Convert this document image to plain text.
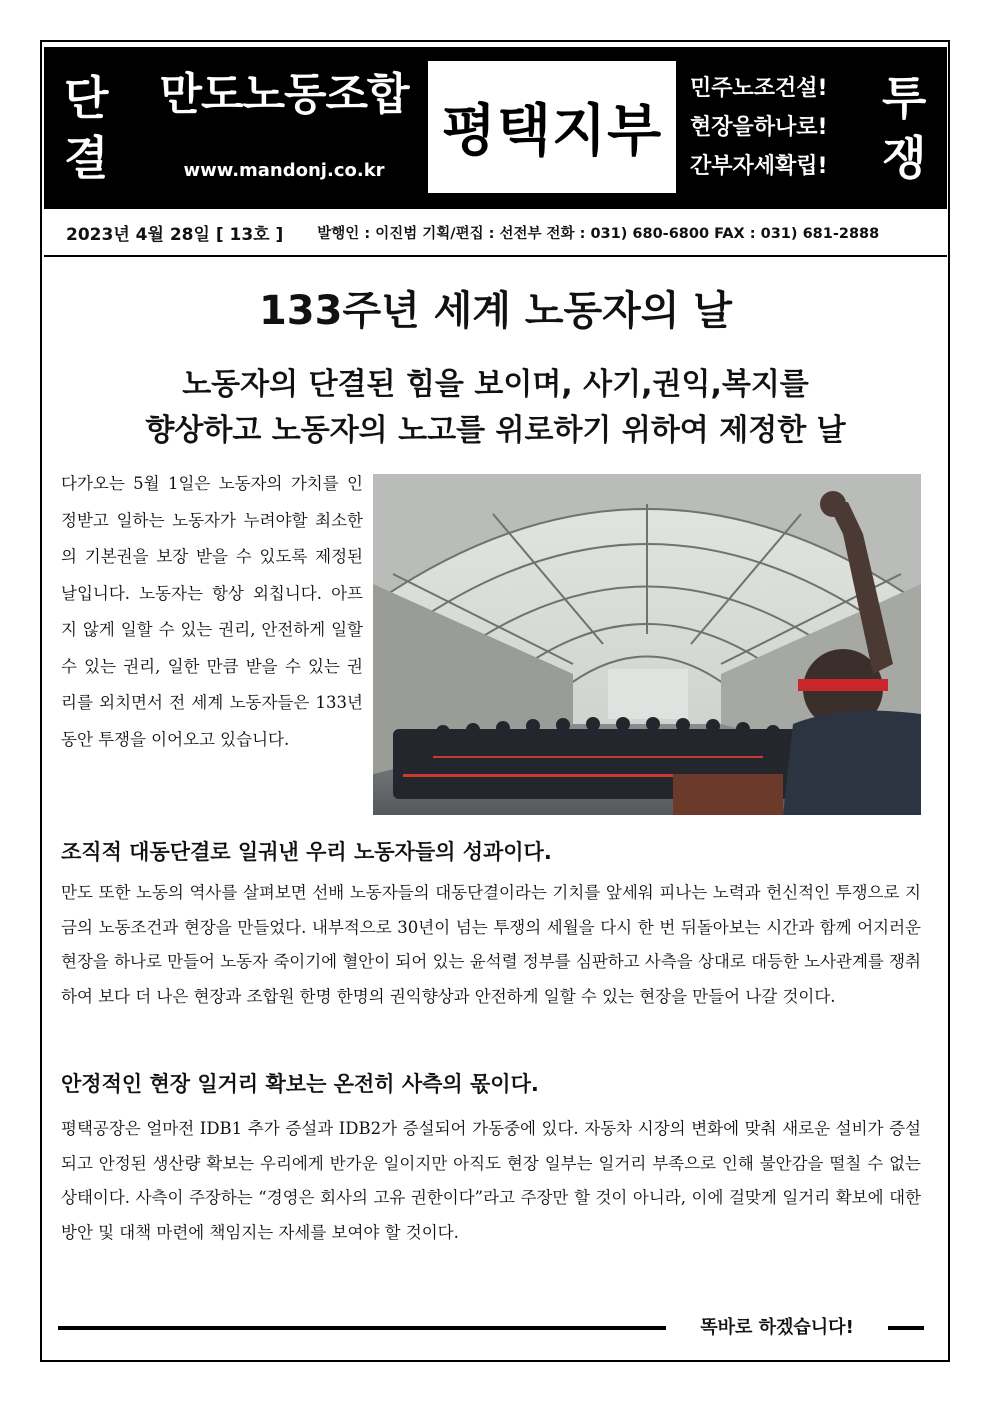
단
결
만도노동조합
www.mandonj.co.kr
평택지부
민주노조건설!
현장을하나로!
간부자세확립!
투
쟁
2023년 4월 28일 [ 13호 ] 발행인 : 이진범 기획/편집 : 선전부 전화 : 031) 680-6800 FAX : 031) 681-2888
133주년 세계 노동자의 날
노동자의 단결된 힘을 보이며, 사기,권익,복지를
향상하고 노동자의 노고를 위로하기 위하여 제정한 날

다가오는 5월 1일은 노동자의 가치를 인정받고 일하는 노동자가 누려야할 최소한의 기본권을 보장 받을 수 있도록 제정된 날입니다. 노동자는 항상 외칩니다. 아프지 않게 일할 수 있는 권리, 안전하게 일할 수 있는 권리, 일한 만큼 받을 수 있는 권리를 외치면서 전 세계 노동자들은 133년 동안 투쟁을 이어오고 있습니다.

조직적 대동단결로 일궈낸 우리 노동자들의 성과이다.

만도 또한 노동의 역사를 살펴보면 선배 노동자들의 대동단결이라는 기치를 앞세워 피나는 노력과 헌신적인 투쟁으로 지금의 노동조건과 현장을 만들었다. 내부적으로 30년이 넘는 투쟁의 세월을 다시 한 번 뒤돌아보는 시간과 함께 어지러운 현장을 하나로 만들어 노동자 죽이기에 혈안이 되어 있는 윤석렬 정부를 심판하고 사측을 상대로 대등한 노사관계를 쟁취하여 보다 더 나은 현장과 조합원 한명 한명의 권익향상과 안전하게 일할 수 있는 현장을 만들어 나갈 것이다.

안정적인 현장 일거리 확보는 온전히 사측의 몫이다.

평택공장은 얼마전 IDB1 추가 증설과 IDB2가 증설되어 가동중에 있다. 자동차 시장의 변화에 맞춰 새로운 설비가 증설되고 안정된 생산량 확보는 우리에게 반가운 일이지만 아직도 현장 일부는 일거리 부족으로 인해 불안감을 떨칠 수 없는 상태이다. 사측이 주장하는 “경영은 회사의 고유 권한이다”라고 주장만 할 것이 아니라, 이에 걸맞게 일거리 확보에 대한 방안 및 대책 마련에 책임지는 자세를 보여야 할 것이다.

똑바로 하겠습니다!
